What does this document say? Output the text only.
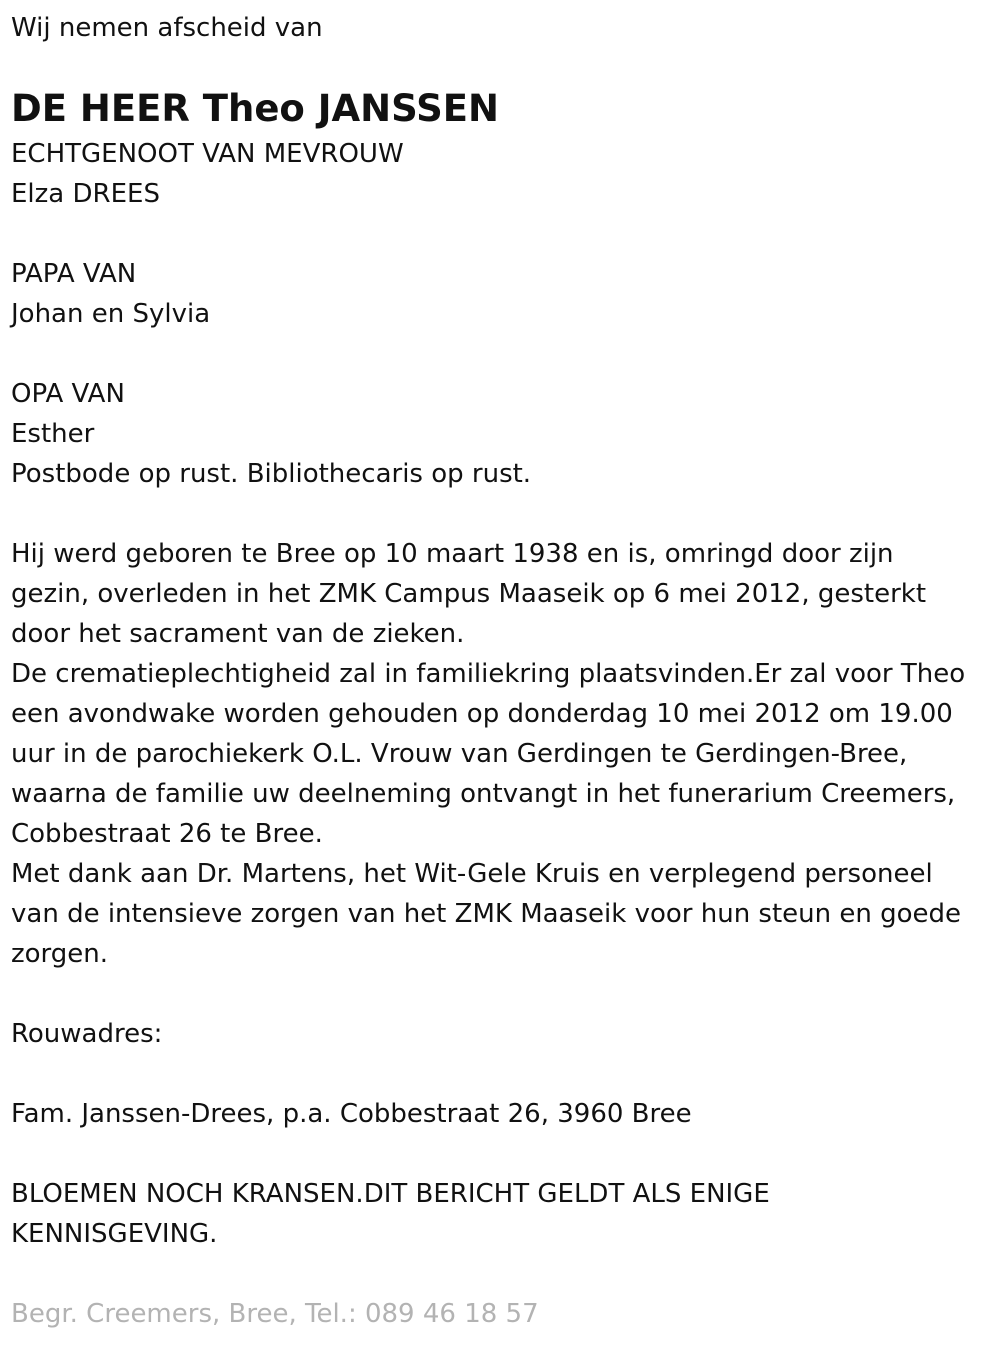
Wij nemen afscheid van
DE HEER Theo JANSSEN
ECHTGENOOT VAN MEVROUW
Elza DREES
PAPA VAN
Johan en Sylvia
OPA VAN
Esther
Postbode op rust. Bibliothecaris op rust.
Hij werd geboren te Bree op 10 maart 1938 en is, omringd door zijn
gezin, overleden in het ZMK Campus Maaseik op 6 mei 2012, gesterkt
door het sacrament van de zieken.
De crematieplechtigheid zal in familiekring plaatsvinden.Er zal voor Theo
een avondwake worden gehouden op donderdag 10 mei 2012 om 19.00
uur in de parochiekerk O.L. Vrouw van Gerdingen te Gerdingen-Bree,
waarna de familie uw deelneming ontvangt in het funerarium Creemers,
Cobbestraat 26 te Bree.
Met dank aan Dr. Martens, het Wit-Gele Kruis en verplegend personeel
van de intensieve zorgen van het ZMK Maaseik voor hun steun en goede
zorgen.
Rouwadres:
Fam. Janssen-Drees, p.a. Cobbestraat 26, 3960 Bree
BLOEMEN NOCH KRANSEN.DIT BERICHT GELDT ALS ENIGE
KENNISGEVING.
Begr. Creemers, Bree, Tel.: 089 46 18 57
